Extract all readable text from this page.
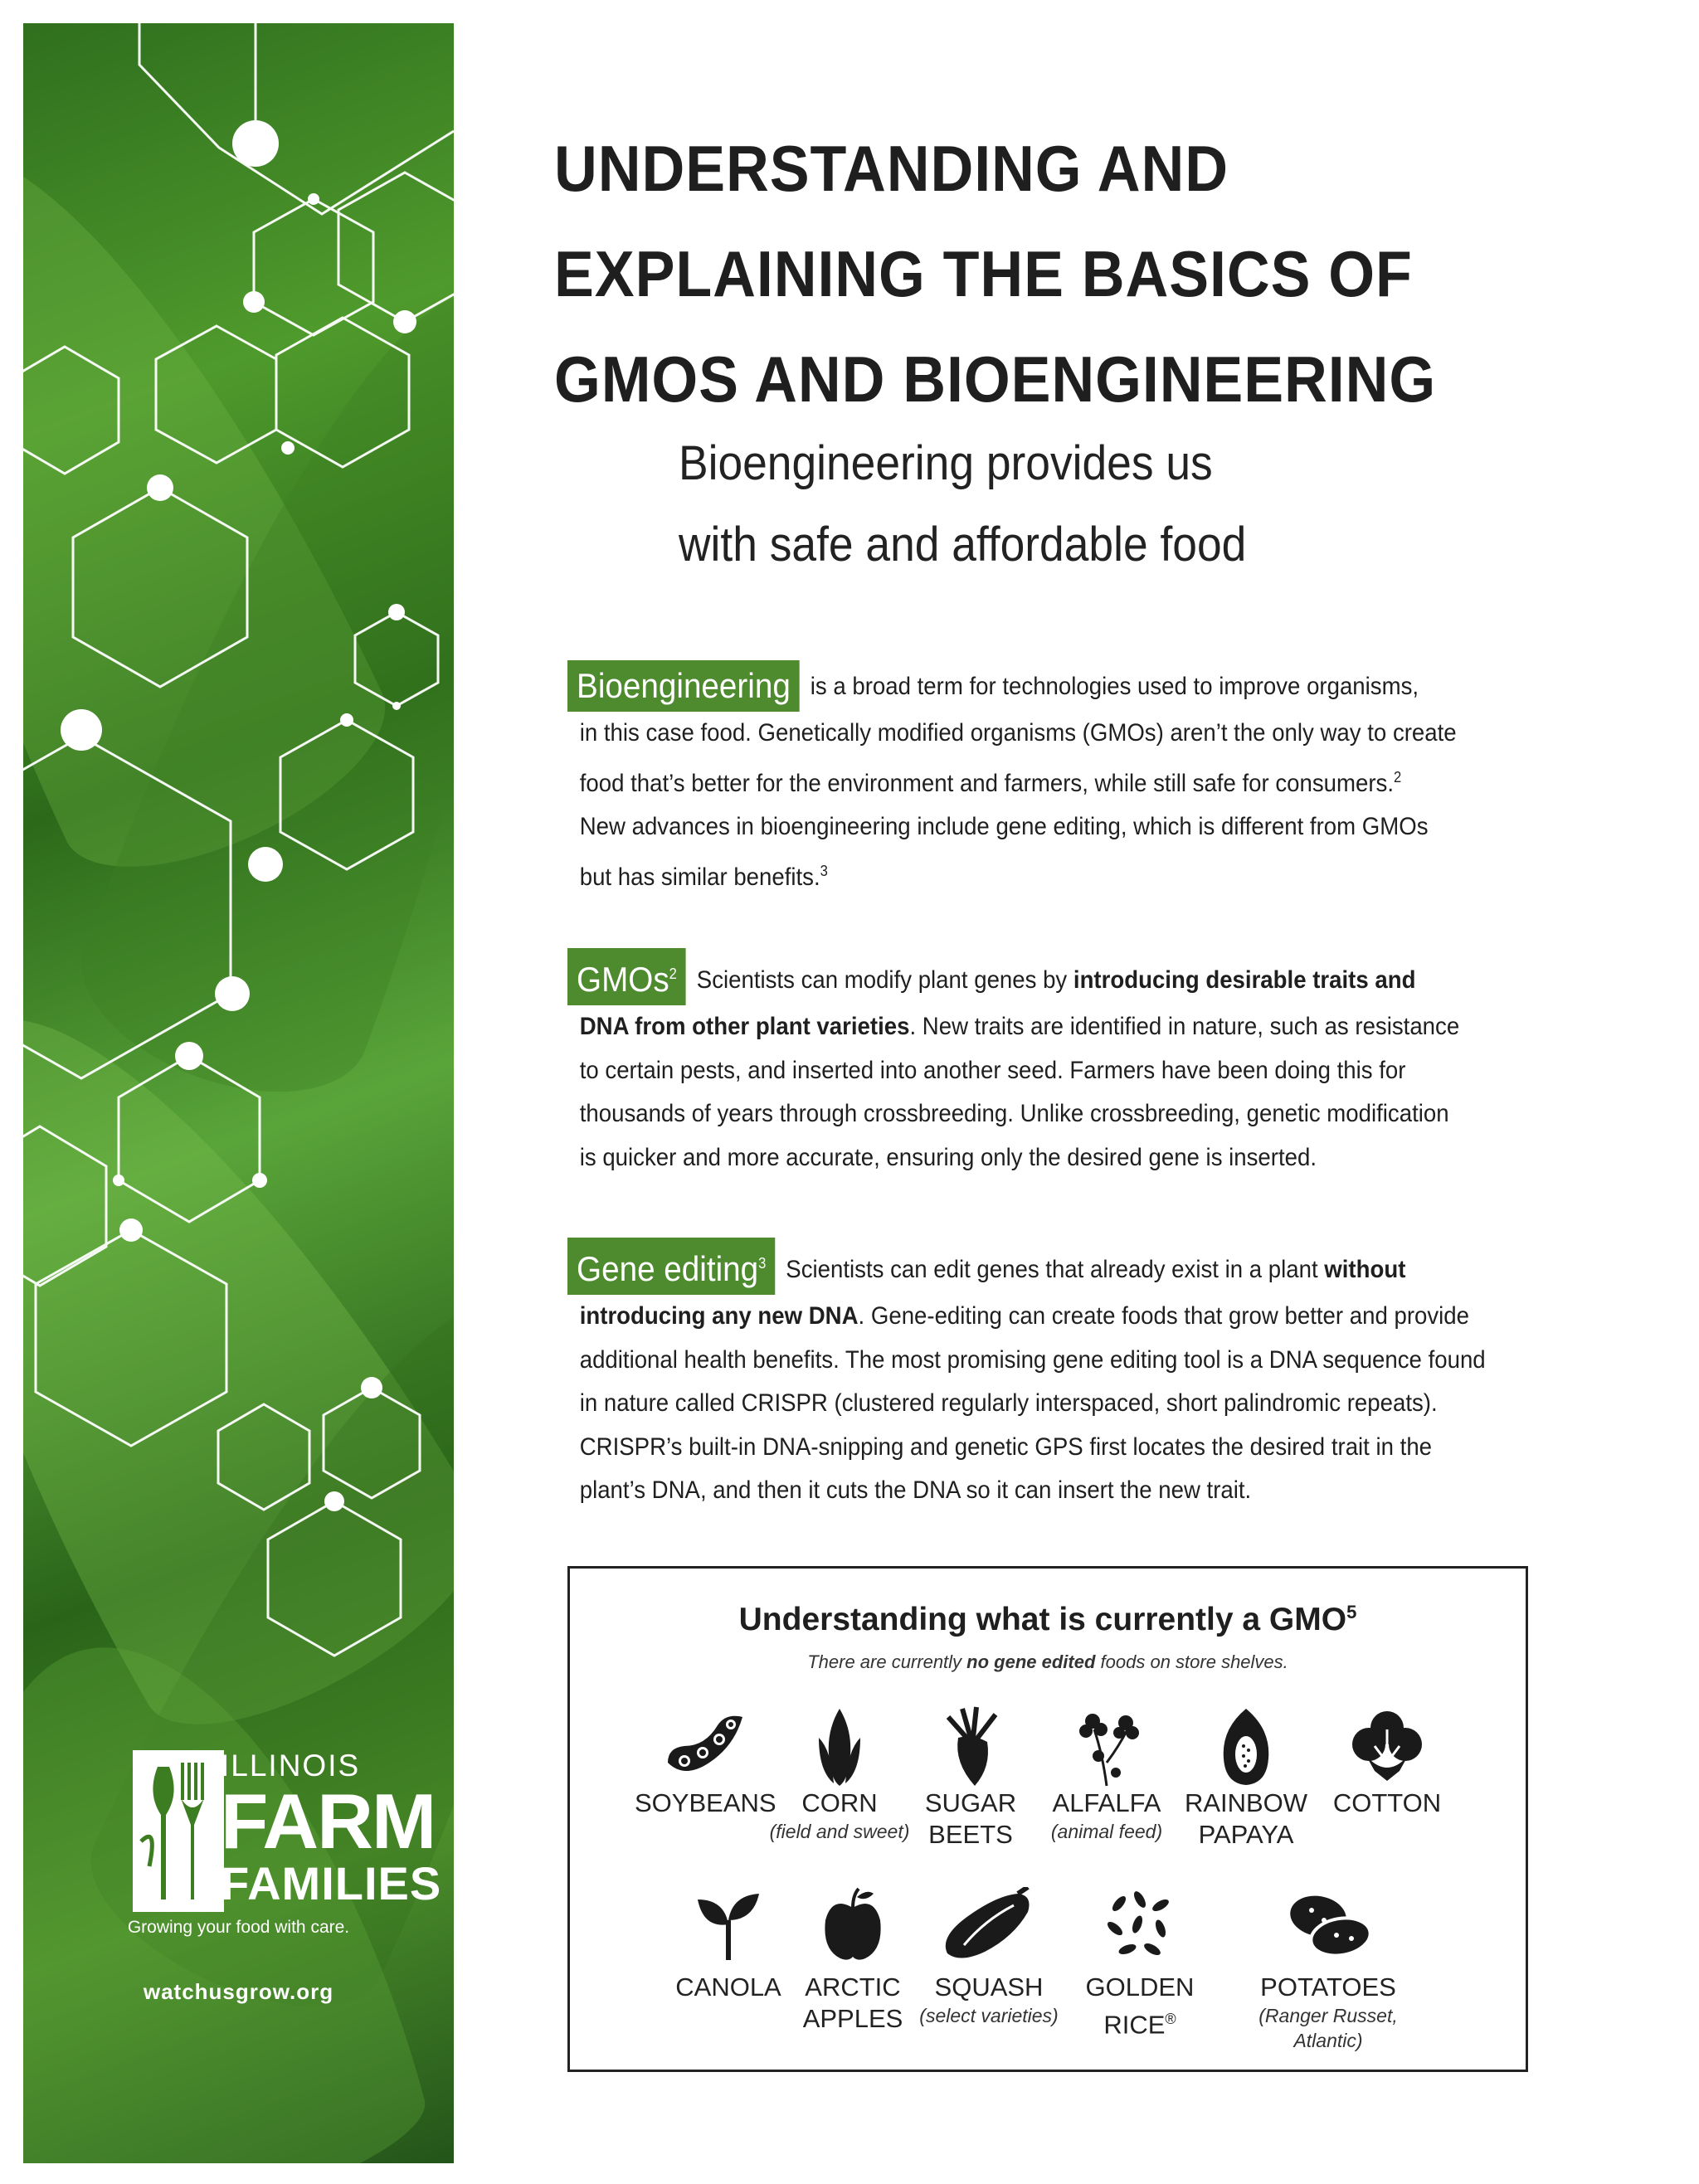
ILLINOIS
FARM
FAMILIES
Growing your food with care.
watchusgrow.org
UNDERSTANDING AND
EXPLAINING THE BASICS OF
GMOS AND BIOENGINEERING
Bioengineering provides us
with safe and affordable food
Bioengineering is a broad term for technologies used to improve organisms,
in this case food. Genetically modified organisms (GMOs) aren’t the only way to create
food that’s better for the environment and farmers, while still safe for consumers.$^2$
New advances in bioengineering include gene editing, which is different from GMOs
but has similar benefits.$^3$
GMOs$^2$ Scientists can modify plant genes by introducing desirable traits and
DNA from other plant varieties. New traits are identified in nature, such as resistance
to certain pests, and inserted into another seed. Farmers have been doing this for
thousands of years through crossbreeding. Unlike crossbreeding, genetic modification
is quicker and more accurate, ensuring only the desired gene is inserted.
Gene editing$^3$ Scientists can edit genes that already exist in a plant without
introducing any new DNA. Gene-editing can create foods that grow better and provide
additional health benefits. The most promising gene editing tool is a DNA sequence found
in nature called CRISPR (clustered regularly interspaced, short palindromic repeats).
CRISPR’s built-in DNA-snipping and genetic GPS first locates the desired trait in the
plant’s DNA, and then it cuts the DNA so it can insert the new trait.
Understanding what is currently a GMO$^5$
There are currently no gene edited foods on store shelves.
SOYBEANS CORN
(field and sweet)
SUGAR
BEETS
ALFALFA
(animal feed)
RAINBOW
PAPAYA
COTTON
CANOLA ARCTIC
APPLES
SQUASH
(select varieties)
GOLDEN
RICE®
POTATOES
(Ranger Russet, Atlantic)
